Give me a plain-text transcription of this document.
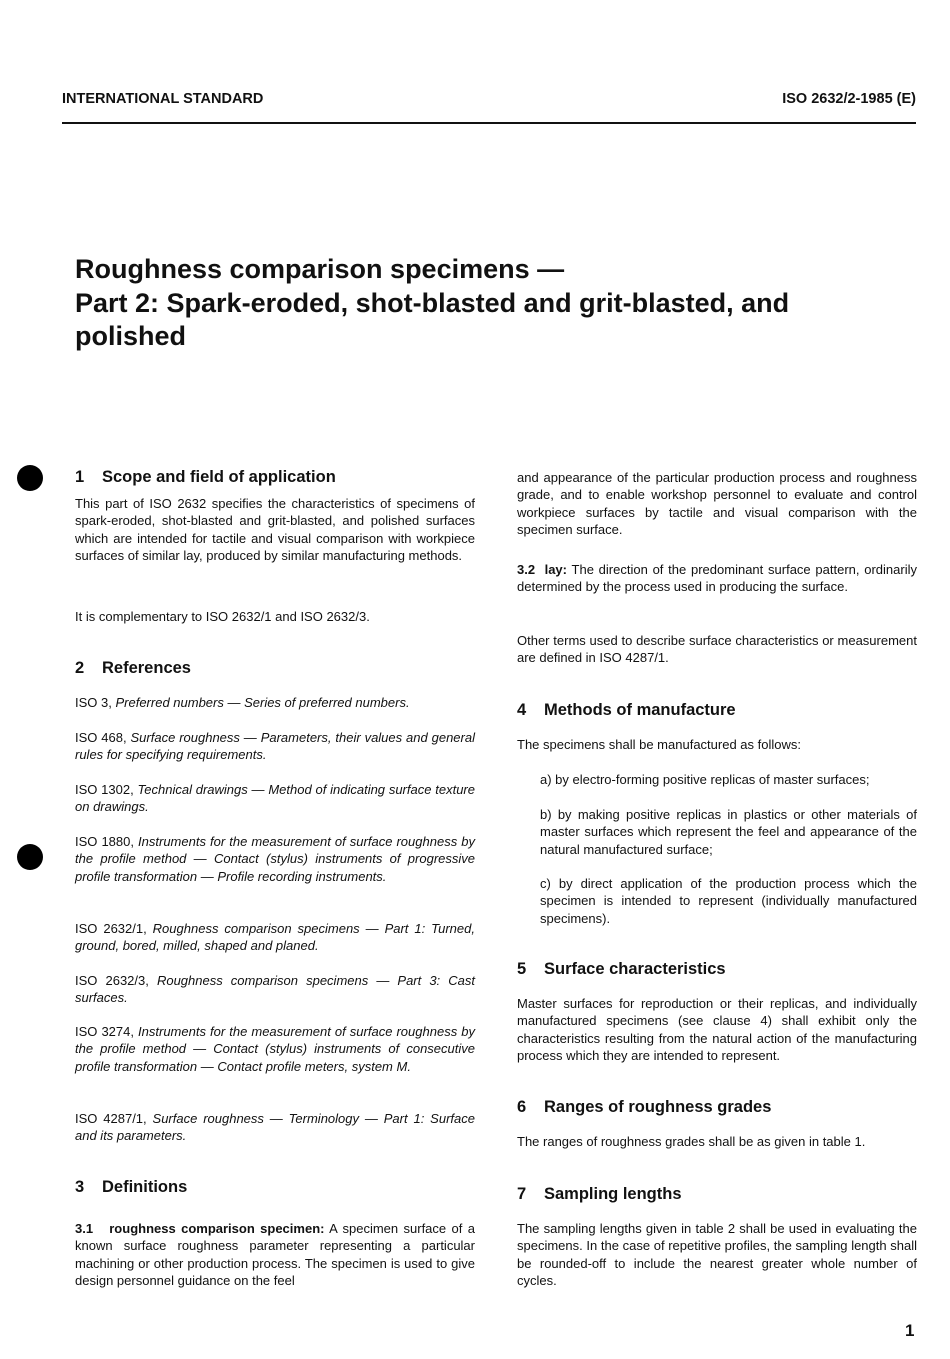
INTERNATIONAL STANDARD	ISO 2632/2-1985 (E)
Roughness comparison specimens —
Part 2: Spark-eroded, shot-blasted and grit-blasted, and
polished
1 Scope and field of application
This part of ISO 2632 specifies the characteristics of specimens of spark-eroded, shot-blasted and grit-blasted, and polished surfaces which are intended for tactile and visual comparison with workpiece surfaces of similar lay, produced by similar manufacturing methods.
It is complementary to ISO 2632/1 and ISO 2632/3.
2 References
ISO 3, Preferred numbers — Series of preferred numbers.
ISO 468, Surface roughness — Parameters, their values and general rules for specifying requirements.
ISO 1302, Technical drawings — Method of indicating surface texture on drawings.
ISO 1880, Instruments for the measurement of surface roughness by the profile method — Contact (stylus) instruments of progressive profile transformation — Profile recording instruments.
ISO 2632/1, Roughness comparison specimens — Part 1: Turned, ground, bored, milled, shaped and planed.
ISO 2632/3, Roughness comparison specimens — Part 3: Cast surfaces.
ISO 3274, Instruments for the measurement of surface roughness by the profile method — Contact (stylus) instruments of consecutive profile transformation — Contact profile meters, system M.
ISO 4287/1, Surface roughness — Terminology — Part 1: Surface and its parameters.
3 Definitions
3.1 roughness comparison specimen: A specimen surface of a known surface roughness parameter representing a particular machining or other production process. The specimen is used to give design personnel guidance on the feel
and appearance of the particular production process and roughness grade, and to enable workshop personnel to evaluate and control workpiece surfaces by tactile and visual comparison with the specimen surface.
3.2 lay: The direction of the predominant surface pattern, ordinarily determined by the process used in producing the surface.
Other terms used to describe surface characteristics or measurement are defined in ISO 4287/1.
4 Methods of manufacture
The specimens shall be manufactured as follows:
a) by electro-forming positive replicas of master surfaces;
b) by making positive replicas in plastics or other materials of master surfaces which represent the feel and appearance of the natural manufactured surface;
c) by direct application of the production process which the specimen is intended to represent (individually manufactured specimens).
5 Surface characteristics
Master surfaces for reproduction or their replicas, and individually manufactured specimens (see clause 4) shall exhibit only the characteristics resulting from the natural action of the manufacturing process which they are intended to represent.
6 Ranges of roughness grades
The ranges of roughness grades shall be as given in table 1.
7 Sampling lengths
The sampling lengths given in table 2 shall be used in evaluating the specimens. In the case of repetitive profiles, the sampling length shall be rounded-off to include the nearest greater whole number of cycles.
1
